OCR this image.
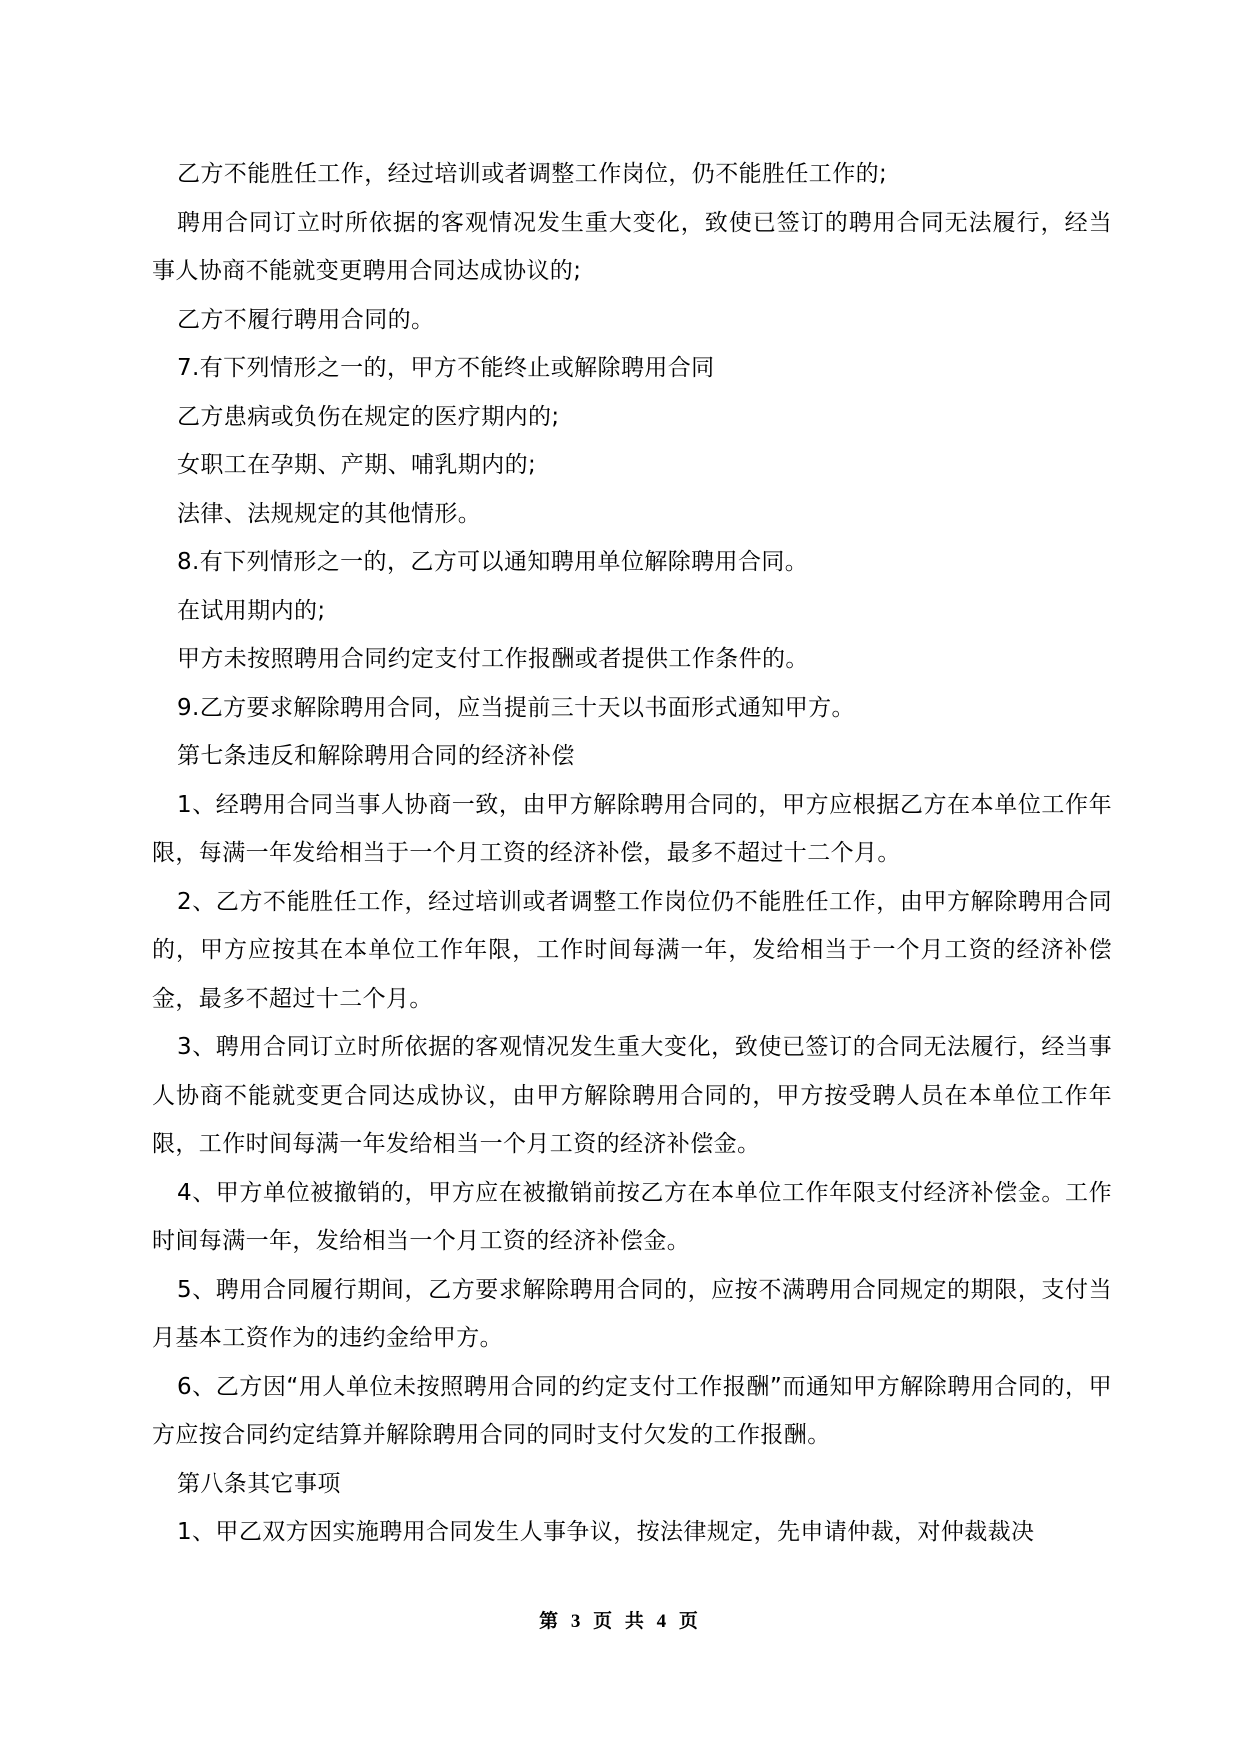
乙方不能胜任工作，经过培训或者调整工作岗位，仍不能胜任工作的;

聘用合同订立时所依据的客观情况发生重大变化，致使已签订的聘用合同无法履行，经当事人协商不能就变更聘用合同达成协议的;

乙方不履行聘用合同的。

7.有下列情形之一的，甲方不能终止或解除聘用合同

乙方患病或负伤在规定的医疗期内的;

女职工在孕期、产期、哺乳期内的;

法律、法规规定的其他情形。

8.有下列情形之一的，乙方可以通知聘用单位解除聘用合同。

在试用期内的;

甲方未按照聘用合同约定支付工作报酬或者提供工作条件的。

9.乙方要求解除聘用合同，应当提前三十天以书面形式通知甲方。

第七条违反和解除聘用合同的经济补偿

1、经聘用合同当事人协商一致，由甲方解除聘用合同的，甲方应根据乙方在本单位工作年限，每满一年发给相当于一个月工资的经济补偿，最多不超过十二个月。

2、乙方不能胜任工作，经过培训或者调整工作岗位仍不能胜任工作，由甲方解除聘用合同的，甲方应按其在本单位工作年限，工作时间每满一年，发给相当于一个月工资的经济补偿金，最多不超过十二个月。

3、聘用合同订立时所依据的客观情况发生重大变化，致使已签订的合同无法履行，经当事人协商不能就变更合同达成协议，由甲方解除聘用合同的，甲方按受聘人员在本单位工作年限，工作时间每满一年发给相当一个月工资的经济补偿金。

4、甲方单位被撤销的，甲方应在被撤销前按乙方在本单位工作年限支付经济补偿金。工作时间每满一年，发给相当一个月工资的经济补偿金。

5、聘用合同履行期间，乙方要求解除聘用合同的，应按不满聘用合同规定的期限，支付当月基本工资作为的违约金给甲方。

6、乙方因“用人单位未按照聘用合同的约定支付工作报酬”而通知甲方解除聘用合同的，甲方应按合同约定结算并解除聘用合同的同时支付欠发的工作报酬。

第八条其它事项

1、甲乙双方因实施聘用合同发生人事争议，按法律规定，先申请仲裁，对仲裁裁决

第 3 页 共 4 页
